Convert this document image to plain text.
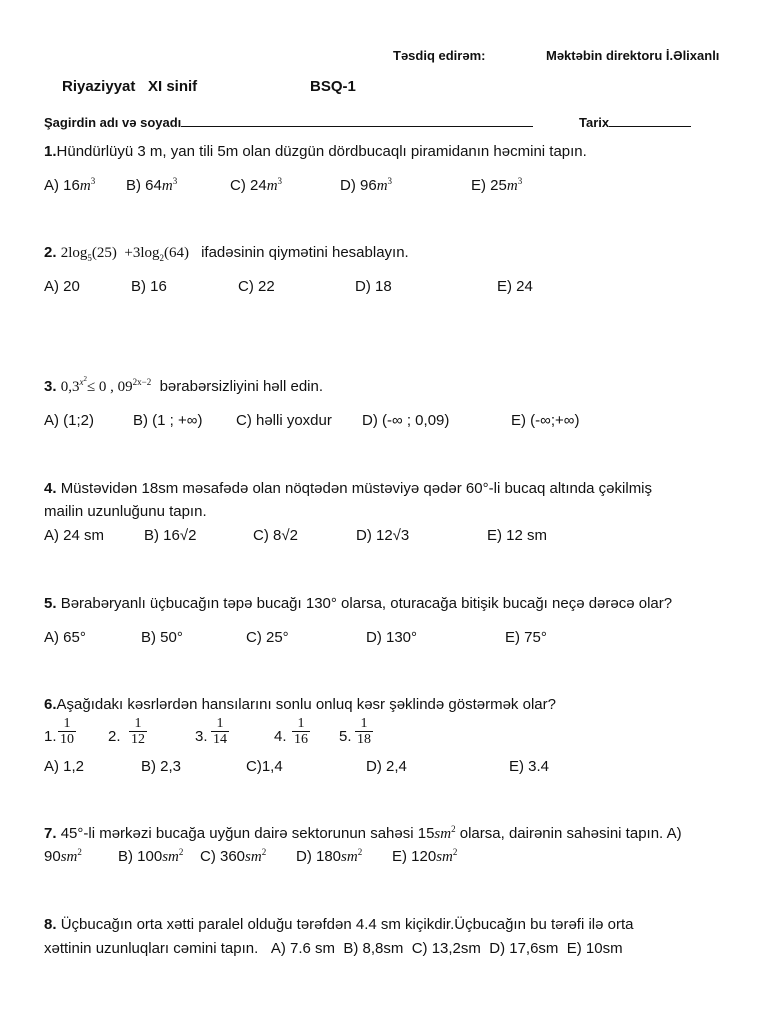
Təsdiq edirəm:	Məktəbin direktoru İ.Əlixanlı
Riyaziyyat XI sinif	BSQ-1
Şagirdin adı və soyadı	Tarix
1.Hündürlüyü 3 m, yan tili 5m olan düzgün dördbucaqlı piramidanın həcmini tapın.
A) $16m^3$ B) $64m^3$	C) $24m^3$	D) $96m^3$	E) $25m^3$
2. $2\log_5(25) +3\log_2(64)$ ifadəsinin qiymətini hesablayın.
A) 20	B) 16	C) 22	D) 18	E) 24
3. $0,3^{x^2}\le 0$ , $09^{2x-2}$ bərabərsizliyini həll edin.
A) (1;2)	B) (1 ; +∞) C) həlli yoxdur D) (-∞ ; 0,09)	E) (-∞;+∞)
4. Müstəvidən 18sm məsafədə olan nöqtədən müstəviyə qədər 60°-li bucaq altında çəkilmiş
mailin uzunluğunu tapın.
A) 24 sm	B) 16√2	C) 8√2	D) 12√3	E) 12 sm
5. Bərabəryanlı üçbucağın təpə bucağı 130° olarsa, oturacağa bitişik bucağı neçə dərəcə olar?
A) 65°	B) 50°	C) 25°	D) 130°	E) 75°
6.Aşağıdakı kəsrlərdən hansılarını sonlu onluq kəsr şəklində göstərmək olar?
1. $\frac{1}{10} 2$. $\frac{1}{12}$	3. $\frac{1}{14}$	4. $\frac{1}{16} 5$. $\frac{1}{18}$
A) 1,2	B) 2,3	C)1,4	D) 2,4	E) 3.4
7. 45°-li mərkəzi bucağa uyğun dairə sektorunun sahəsi $15sm^2$ olarsa, dairənin sahəsini tapın. A)
$90sm^2$ B) $100sm^2$ C) $360sm^2$ D) $180sm^2$ E) $120sm^2$
8. Üçbucağın orta xətti paralel olduğu tərəfdən 4.4 sm kiçikdir.Üçbucağın bu tərəfi ilə orta
xəttinin uzunluqları cəmini tapın. A) 7.6 sm B) 8,8sm C) 13,2sm D) 17,6sm E) 10sm
